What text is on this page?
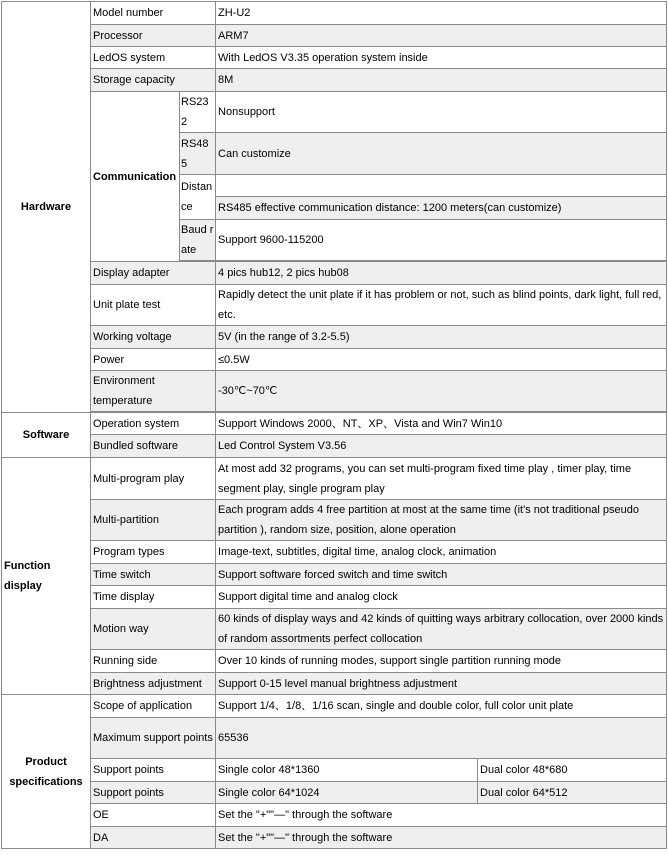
Hardware	Model number		ZH-U2	
	Processor		ARM7	
	LedOS system		With LedOS V3.35 operation system inside	
	Storage capacity		8M	
	Communication	RS232	Nonsupport	
		RS485	Can customize	
		Distance		
			RS485 effective communication distance: 1200 meters(can customize)	
		Baud rate	Support 9600-115200	

	Display adapter		4 pics hub12, 2 pics hub08	
	Unit plate test		Rapidly detect the unit plate if it has problem or not, such as blind points, dark light, full red, etc.	
	Working voltage		5V (in the range of 3.2-5.5)	
	Power		≤0.5W	
	Environment temperature		-30℃~70℃	

Software	Operation system		Support Windows 2000、NT、XP、Vista and Win7 Win10	
	Bundled software		Led Control System V3.56	
Function display	Multi-program play		At most add 32 programs, you can set multi-program fixed time play , timer play, time segment play, single program play	
	Multi-partition		Each program adds 4 free partition at most at the same time (it's not traditional pseudo partition ), random size, position, alone operation	
	Program types		Image-text, subtitles, digital time, analog clock, animation	
	Time switch		Support software forced switch and time switch	
	Time display		Support digital time and analog clock	
	Motion way		60 kinds of display ways and 42 kinds of quitting ways arbitrary collocation, over 2000 kinds of random assortments perfect collocation	
	Running side		Over 10 kinds of running modes, support single partition running mode	
	Brightness adjustment		Support 0-15 level manual brightness adjustment	
Product specifications	Scope of application		Support 1/4、1/8、1/16 scan, single and double color, full color unit plate	
	Maximum support points		65536	
	Support points		Single color 48*1360	Dual color 48*680
	Support points		Single color 64*1024	Dual color 64*512
	OE		Set the "+""—" through the software	
	DA		Set the "+""—" through the software	
